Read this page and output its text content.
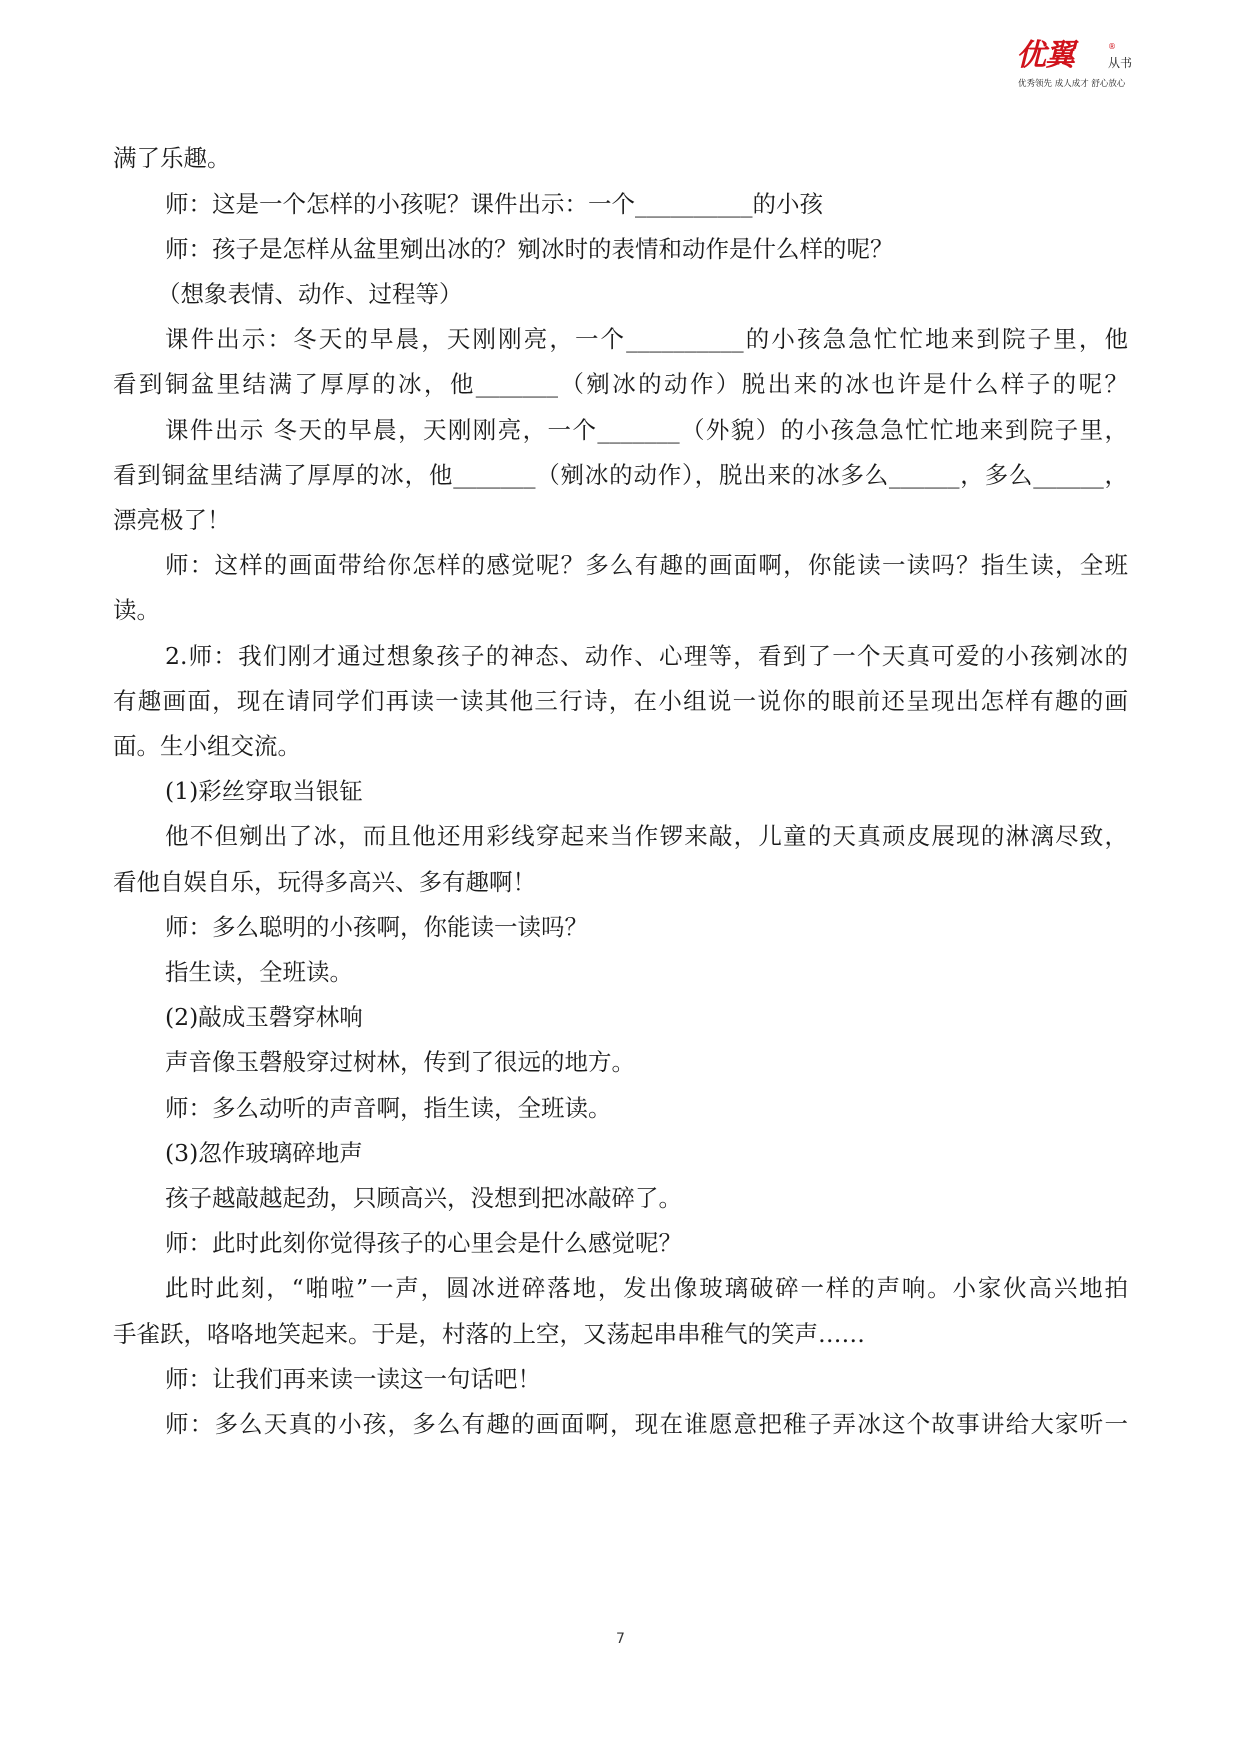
优翼	®
从书
优秀领先 成人成才 舒心放心
满了乐趣。
师：这是一个怎样的小孩呢？课件出示：一个__________的小孩
师：孩子是怎样从盆里剜出冰的？剜冰时的表情和动作是什么样的呢？
（想象表情、动作、过程等）
课件出示：冬天的早晨，天刚刚亮，一个__________的小孩急急忙忙地来到院子里，他
看到铜盆里结满了厚厚的冰，他_______（剜冰的动作）脱出来的冰也许是什么样子的呢？
课件出示 冬天的早晨，天刚刚亮，一个_______（外貌）的小孩急急忙忙地来到院子里，
看到铜盆里结满了厚厚的冰，他_______（剜冰的动作），脱出来的冰多么______，多么______，
漂亮极了！
师：这样的画面带给你怎样的感觉呢？多么有趣的画面啊，你能读一读吗？指生读，全班
读。
2.师：我们刚才通过想象孩子的神态、动作、心理等，看到了一个天真可爱的小孩剜冰的
有趣画面，现在请同学们再读一读其他三行诗，在小组说一说你的眼前还呈现出怎样有趣的画
面。生小组交流。
(1)彩丝穿取当银钲
他不但剜出了冰，而且他还用彩线穿起来当作锣来敲，儿童的天真顽皮展现的淋漓尽致，
看他自娱自乐，玩得多高兴、多有趣啊！
师：多么聪明的小孩啊，你能读一读吗？
指生读，全班读。
(2)敲成玉磬穿林响
声音像玉磬般穿过树林，传到了很远的地方。
师：多么动听的声音啊，指生读，全班读。
(3)忽作玻璃碎地声
孩子越敲越起劲，只顾高兴，没想到把冰敲碎了。
师：此时此刻你觉得孩子的心里会是什么感觉呢？
此时此刻，“啪啦”一声，圆冰迸碎落地，发出像玻璃破碎一样的声响。小家伙高兴地拍
手雀跃，咯咯地笑起来。于是，村落的上空，又荡起串串稚气的笑声……
师：让我们再来读一读这一句话吧！
师：多么天真的小孩，多么有趣的画面啊，现在谁愿意把稚子弄冰这个故事讲给大家听一
7
